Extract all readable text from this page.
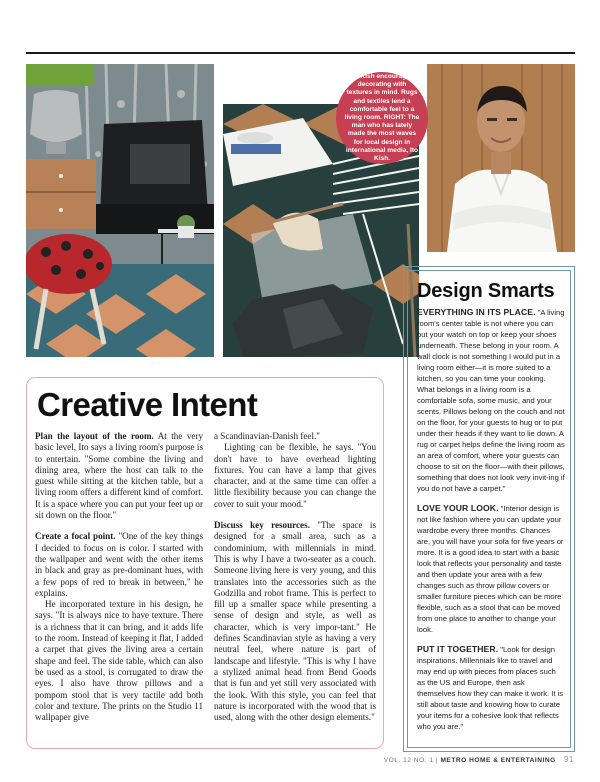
Ito Kish encourages decorating with textures in mind. Rugs and textiles lend a comfortable feel to a living room. RIGHT: The man who has lately made the most waves for local design in international media, Ito Kish.
Creative Intent

Plan the layout of the room. At the very basic level, Ito says a living room's purpose is to entertain. "Some combine the living and dining area, where the host can talk to the guest while sitting at the kitchen table, but a living room offers a different kind of comfort. It is a space where you can put your feet up or sit down on the floor."

Create a focal point. "One of the key things I decided to focus on is color. I started with the wallpaper and went with the other items in black and gray as pre-dominant hues, with a few pops of red to break in between," he explains.

He incorporated texture in his design, he says. "It is always nice to have texture. There is a richness that it can bring, and it adds life to the room. Instead of keeping it flat, I added a carpet that gives the living area a certain shape and feel. The side table, which can also be used as a stool, is corrugated to draw the eyes. I also have throw pillows and a pompom stool that is very tactile add both color and texture. The prints on the Studio 11 wallpaper give

a Scandinavian-Danish feel."

Lighting can be flexible, he says. "You don't have to have overhead lighting fixtures. You can have a lamp that gives character, and at the same time can offer a little flexibility because you can change the cover to suit your mood."

Discuss key resources. "The space is designed for a small area, such as a condominium, with millennials in mind. This is why I have a two-seater as a couch. Someone living here is very young, and this translates into the accessories such as the Godzilla and robot frame. This is perfect to fill up a smaller space while presenting a sense of design and style, as well as character, which is very impor-tant." He defines Scandinavian style as having a very neutral feel, where nature is part of landscape and lifestyle. "This is why I have a stylized animal head from Bend Goods that is fun and yet still very associated with the look. With this style, you can feel that nature is incorporated with the wood that is used, along with the other design elements."

Design Smarts

EVERYTHING IN ITS PLACE. "A living room's center table is not where you can put your watch on top or keep your shoes underneath. These belong in your room. A wall clock is not something I would put in a living room either—it is more suited to a kitchen, so you can time your cooking. What belongs in a living room is a comfortable sofa, some music, and your scents. Pillows belong on the couch and not on the floor, for your guests to hug or to put under their heads if they want to lie down. A rug or carpet helps define the living room as an area of comfort, where your guests can choose to sit on the floor—with their pillows, something that does not look very invit-ing if you do not have a carpet."

LOVE YOUR LOOK. "Interior design is not like fashion where you can update your wardrobe every three months. Chances are, you will have your sofa for five years or more. It is a good idea to start with a basic look that reflects your personality and taste and then update your area with a few changes such as throw pillow covers or smaller furniture pieces which can be more flexible, such as a stool that can be moved from one place to another to change your look.

PUT IT TOGETHER. "Look for design inspirations. Millennials like to travel and may end up with pieces from places such as the US and Europe, then ask themselves how they can make it work. It is still about taste and knowing how to curate your items for a cohesive look that reflects who you are."

VOL. 12 NO. 1 | METRO HOME & ENTERTAINING 91
